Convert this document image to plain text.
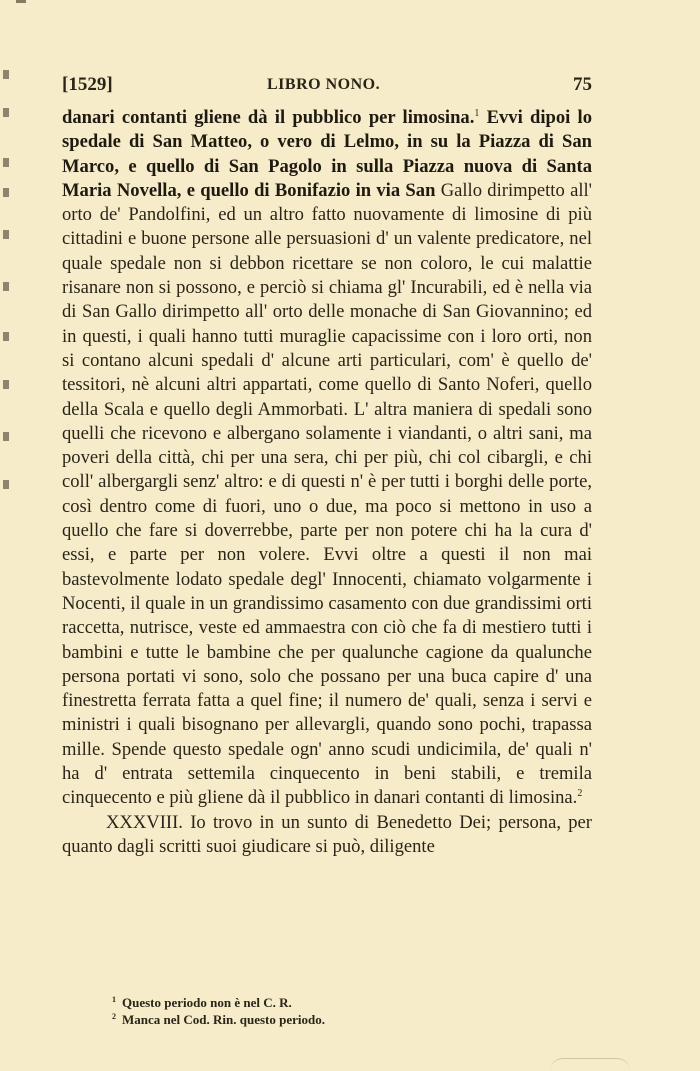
[1529]	LIBRO NONO.	75

danari contanti gliene dà il pubblico per limosina.$^1$ Evvi dipoi lo spedale di San Matteo, o vero di Lelmo, in su la Piazza di San Marco, e quello di San Pagolo in sulla Piazza nuova di Santa Maria Novella, e quello di Bonifazio in via San Gallo dirimpetto all' orto de' Pandolfini, ed un altro fatto nuovamente di limosine di più cittadini e buone persone alle persuasioni d' un valente predicatore, nel quale spedale non si debbon ricettare se non coloro, le cui malattie risanare non si possono, e perciò si chiama gl' Incurabili, ed è nella via di San Gallo dirimpetto all' orto delle monache di San Giovannino; ed in questi, i quali hanno tutti muraglie capacissime con i loro orti, non si contano alcuni spedali d' alcune arti particulari, com' è quello de' tessitori, nè alcuni altri appartati, come quello di Santo Noferi, quello della Scala e quello degli Ammorbati. L' altra maniera di spedali sono quelli che ricevono e albergano solamente i viandanti, o altri sani, ma poveri della città, chi per una sera, chi per più, chi col cibargli, e chi coll' albergargli senz' altro: e di questi n' è per tutti i borghi delle porte, così dentro come di fuori, uno o due, ma poco si mettono in uso a quello che fare si doverrebbe, parte per non potere chi ha la cura d' essi, e parte per non volere. Evvi oltre a questi il non mai bastevolmente lodato spedale degl' Innocenti, chiamato volgarmente i Nocenti, il quale in un grandissimo casamento con due grandissimi orti raccetta, nutrisce, veste ed ammaestra con ciò che fa di mestiero tutti i bambini e tutte le bambine che per qualunche cagione da qualunche persona portati vi sono, solo che possano per una buca capire d' una finestretta ferrata fatta a quel fine; il numero de' quali, senza i servi e ministri i quali bisognano per allevargli, quando sono pochi, trapassa mille. Spende questo spedale ogn' anno scudi undicimila, de' quali n' ha d' entrata settemila cinquecento in beni stabili, e tremila cinquecento e più gliene dà il pubblico in danari contanti di limosina.$^2$

XXXVIII. Io trovo in un sunto di Benedetto Dei; persona, per quanto dagli scritti suoi giudicare si può, diligente

$^1$ Questo periodo non è nel C. R.
$^2$ Manca nel Cod. Rin. questo periodo.
